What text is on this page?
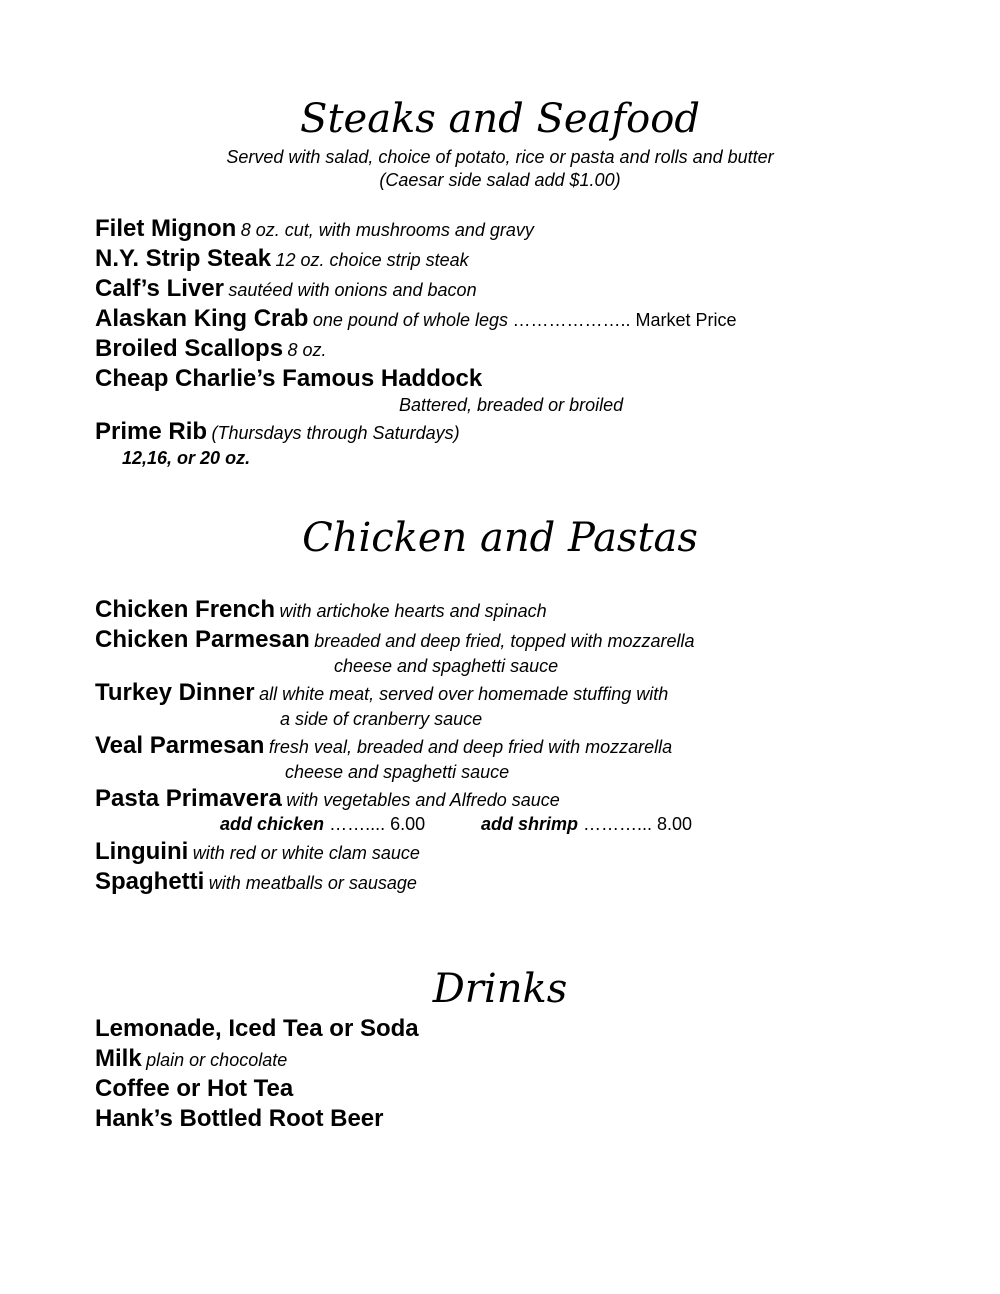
Steaks and Seafood
Served with salad, choice of potato, rice or pasta and rolls and butter
(Caesar side salad add $1.00)
Filet Mignon 8 oz. cut, with mushrooms and gravy
N.Y. Strip Steak 12 oz. choice strip steak
Calf’s Liver sautéed with onions and bacon
Alaskan King Crab one pound of whole legs ……………….. Market Price
Broiled Scallops 8 oz.
Cheap Charlie’s Famous Haddock
Battered, breaded or broiled
Prime Rib (Thursdays through Saturdays)
12,16, or 20 oz.
Chicken and Pastas
Chicken French with artichoke hearts and spinach
Chicken Parmesan breaded and deep fried, topped with mozzarella
cheese and spaghetti sauce
Turkey Dinner all white meat, served over homemade stuffing with
a side of cranberry sauce
Veal Parmesan fresh veal, breaded and deep fried with mozzarella
cheese and spaghetti sauce
Pasta Primavera with vegetables and Alfredo sauce
add chicken …….... 6.00	add shrimp ………... 8.00
Linguini with red or white clam sauce
Spaghetti with meatballs or sausage
Drinks
Lemonade, Iced Tea or Soda
Milk plain or chocolate
Coffee or Hot Tea
Hank’s Bottled Root Beer
